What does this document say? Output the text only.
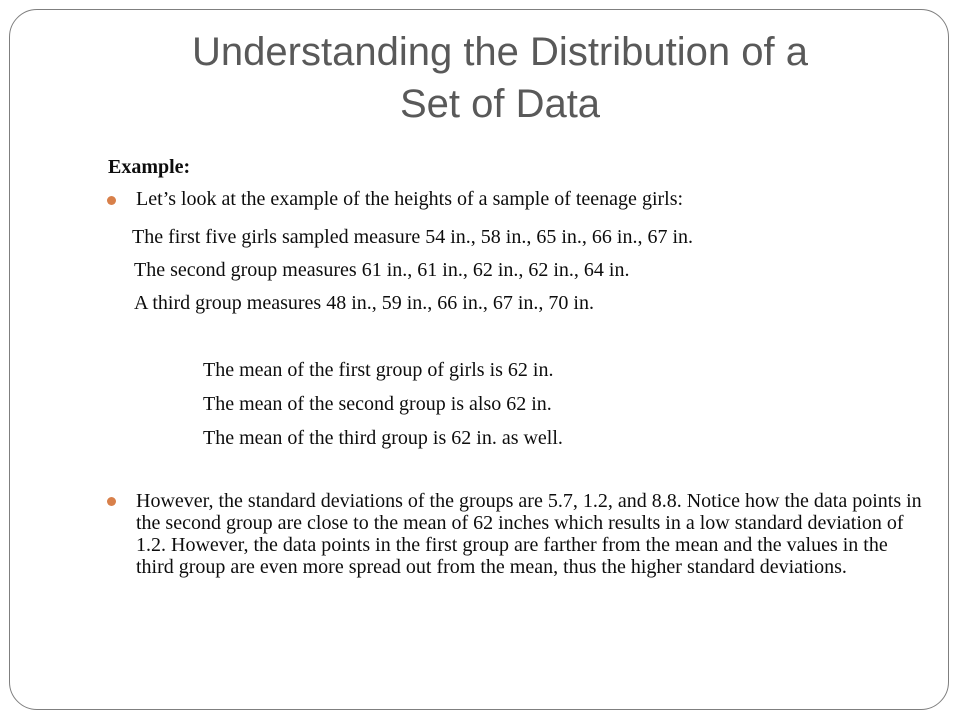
Understanding the Distribution of a
Set of Data
Example:
Let’s look at the example of the heights of a sample of teenage girls:
The first five girls sampled measure 54 in., 58 in., 65 in., 66 in., 67 in.
The second group measures 61 in., 61 in., 62 in., 62 in., 64 in.
A third group measures 48 in., 59 in., 66 in., 67 in., 70 in.
The mean of the first group of girls is 62 in.
The mean of the second group is also 62 in.
The mean of the third group is 62 in. as well.
However, the standard deviations of the groups are 5.7, 1.2, and 8.8. Notice how the data points in the second group are close to the mean of 62 inches which results in a low standard deviation of 1.2. However, the data points in the first group are farther from the mean and the values in the third group are even more spread out from the mean, thus the higher standard deviations.
